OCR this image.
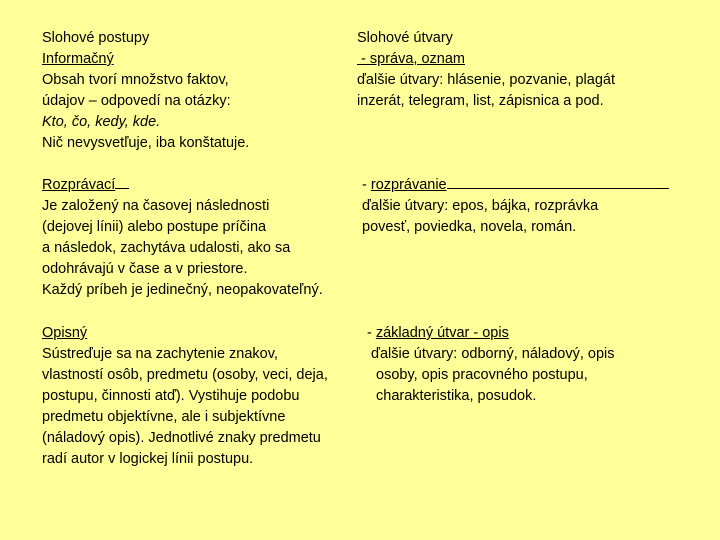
Slohové postupy
Informačný
Obsah tvorí množstvo faktov,
údajov – odpovedí na otázky:
Kto, čo, kedy, kde.
Nič nevysvetľuje, iba konštatuje.
Slohové útvary
- správa, oznam
ďalšie útvary: hlásenie, pozvanie, plagát
inzerát, telegram, list, zápisnica a pod.
Rozprávací
Je založený na časovej následnosti
(dejovej línii) alebo postupe príčina
a následok, zachytáva udalosti, ako sa
odohrávajú v čase a v priestore.
Každý príbeh je jedinečný, neopakovateľný.
- rozprávanie
ďalšie útvary: epos, bájka, rozprávka
povesť, poviedka, novela, román.
Opisný
Sústreďuje sa na zachytenie znakov,
vlastností osôb, predmetu (osoby, veci, deja,
postupu, činnosti atď). Vystihuje podobu
predmetu objektívne, ale i subjektívne
(náladový opis). Jednotlivé znaky predmetu
radí autor v logickej línii postupu.
- základný útvar - opis
ďalšie útvary: odborný, náladový, opis
osoby, opis pracovného postupu,
charakteristika, posudok.
